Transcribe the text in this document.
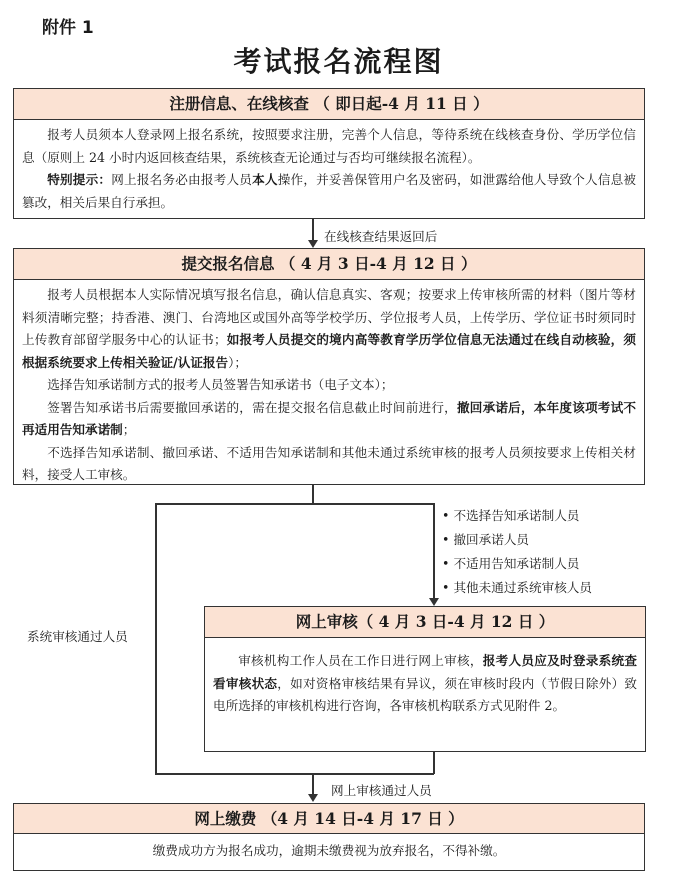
附件 1
考试报名流程图
注册信息、在线核查 （ 即日起-4 月 11 日 ）

报考人员须本人登录网上报名系统，按照要求注册，完善个人信息，等待系统在线核查身份、学历学位信息（原则上 24 小时内返回核查结果，系统核查无论通过与否均可继续报名流程）。

特别提示：网上报名务必由报考人员本人操作，并妥善保管用户名及密码，如泄露给他人导致个人信息被篡改，相关后果自行承担。

在线核查结果返回后
提交报名信息 （ 4 月 3 日-4 月 12 日 ）

报考人员根据本人实际情况填写报名信息，确认信息真实、客观；按要求上传审核所需的材料（图片等材料须清晰完整；持香港、澳门、台湾地区或国外高等学校学历、学位报考人员，上传学历、学位证书时须同时上传教育部留学服务中心的认证书；如报考人员提交的境内高等教育学历学位信息无法通过在线自动核验，须根据系统要求上传相关验证/认证报告）；

选择告知承诺制方式的报考人员签署告知承诺书（电子文本）；

签署告知承诺书后需要撤回承诺的，需在提交报名信息截止时间前进行，撤回承诺后，本年度该项考试不再适用告知承诺制；

不选择告知承诺制、撤回承诺、不适用告知承诺制和其他未通过系统审核的报考人员须按要求上传相关材料，接受人工审核。

系统审核通过人员
• 不选择告知承诺制人员
• 撤回承诺人员
• 不适用告知承诺制人员
• 其他未通过系统审核人员
网上审核（ 4 月 3 日-4 月 12 日 ）

审核机构工作人员在工作日进行网上审核，报考人员应及时登录系统查看审核状态，如对资格审核结果有异议，须在审核时段内（节假日除外）致电所选择的审核机构进行咨询，各审核机构联系方式见附件 2。

网上审核通过人员
网上缴费 （4 月 14 日-4 月 17 日 ）
缴费成功方为报名成功，逾期未缴费视为放弃报名，不得补缴。
